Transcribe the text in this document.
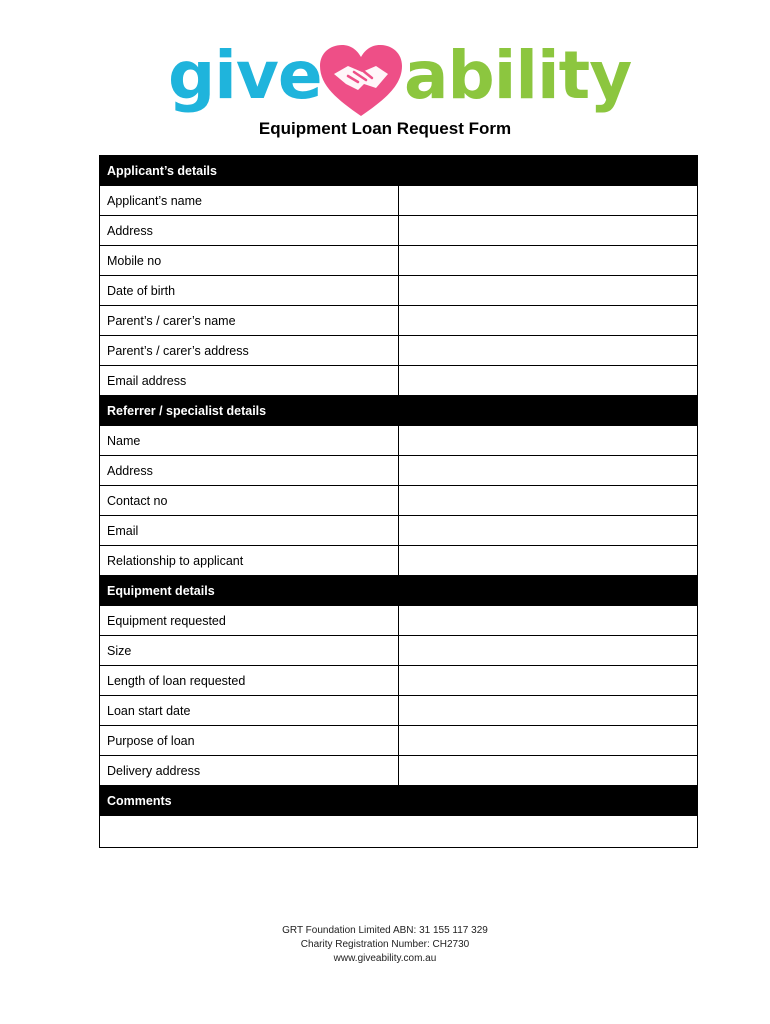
give ability
Equipment Loan Request Form
Applicant’s details	
Applicant’s name	
Address	
Mobile no	
Date of birth	
Parent’s / carer’s name	
Parent’s / carer’s address	
Email address	
Referrer / specialist details	
Name	
Address	
Contact no	
Email	
Relationship to applicant	
Equipment details	
Equipment requested	
Size	
Length of loan requested	
Loan start date	
Purpose of loan	
Delivery address	
Comments	

GRT Foundation Limited ABN: 31 155 117 329
Charity Registration Number: CH2730
www.giveability.com.au
